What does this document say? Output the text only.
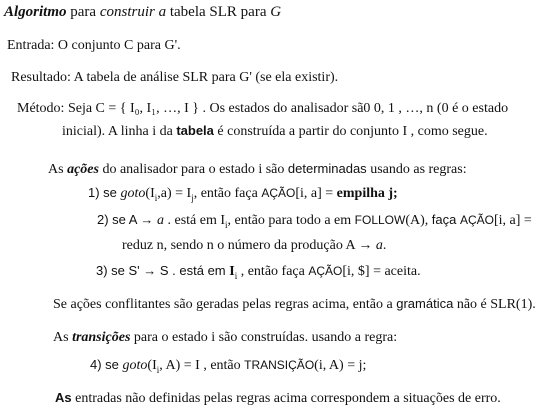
Algoritmo para construir a tabela SLR para G
Entrada: O conjunto C para G'.
Resultado: A tabela de análise SLR para G' (se ela existir).
Método: Seja C = { I₀, I₁, …, I } . Os estados do analisador sã0 0, 1 , …, n (0 é o estado
inicial). A linha i da tabela é construída a partir do conjunto I , como segue.
As ações do analisador para o estado i são determinadas usando as regras:
1) se $goto(I_i,a) = I_j$, então faça AÇÃO[i, a] = empilha j;
2) se A → a . está em $I_i$, então para todo a em FOLLOW(A), faça AÇÃO[i, a] =
reduz n, sendo n o número da produção A → a.
3) se S' → S . está em $I_i$ , então faça AÇÃO[i, $] = aceita.
Se ações conflitantes são geradas pelas regras acima, então a gramática não é SLR(1).
As transições para o estado i são construídas. usando a regra:
4) se $goto(I_i$, A) = I , então TRANSIÇÃO(i, A) = j;
As entradas não definidas pelas regras acima correspondem a situações de erro.
